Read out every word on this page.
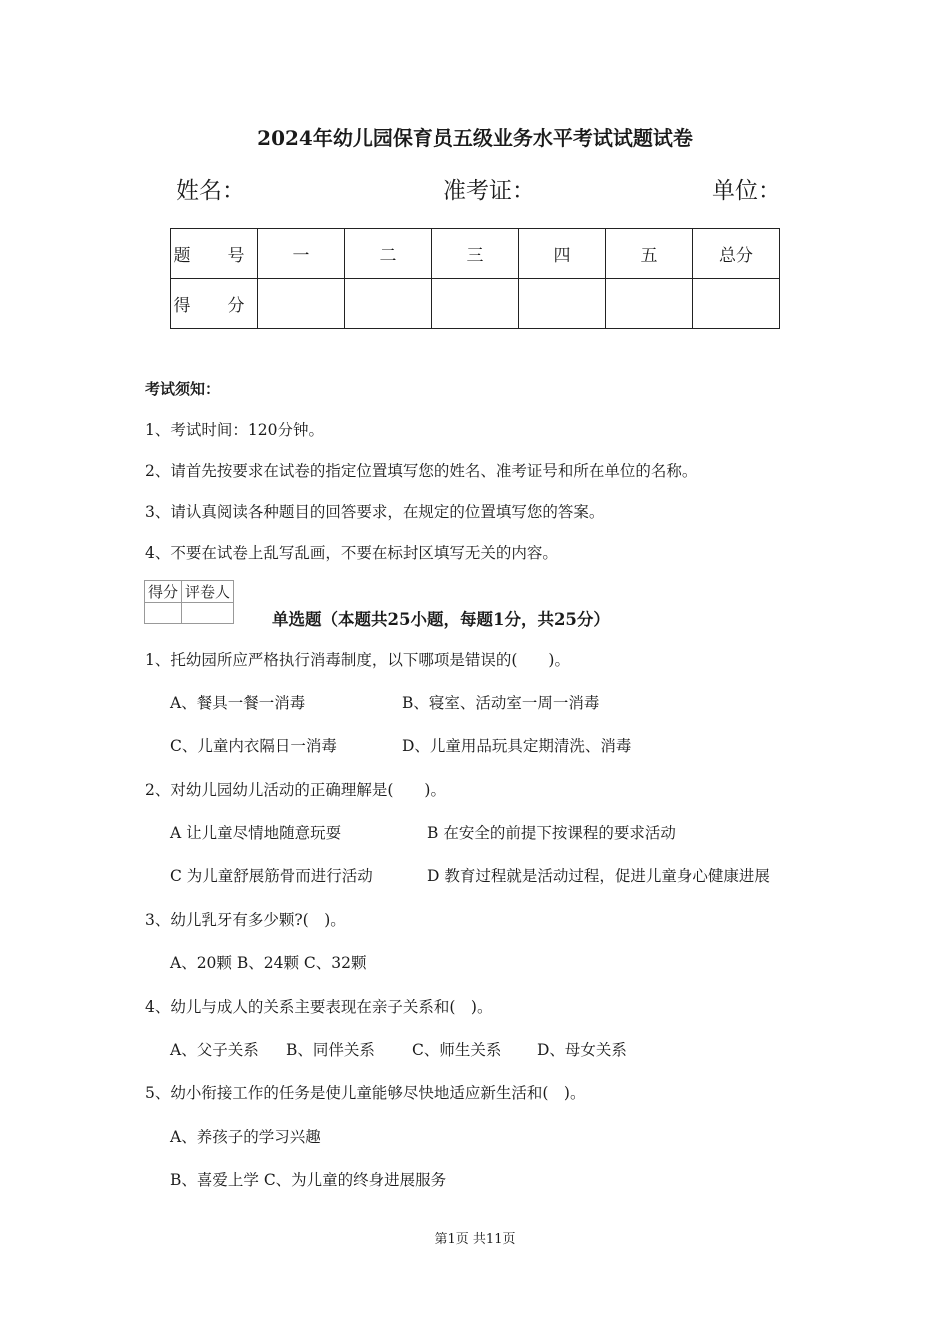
2024年幼儿园保育员五级业务水平考试试题试卷
姓名：	准考证：	单位：
题　号	一	二	三	四	五	总分
得　分						
考试须知：
1、考试时间：120分钟。
2、请首先按要求在试卷的指定位置填写您的姓名、准考证号和所在单位的名称。
3、请认真阅读各种题目的回答要求，在规定的位置填写您的答案。
4、不要在试卷上乱写乱画，不要在标封区填写无关的内容。
得分	评卷人

单选题（本题共25小题，每题1分，共25分）
1、托幼园所应严格执行消毒制度，以下哪项是错误的(　　)。
A、餐具一餐一消毒	B、寝室、活动室一周一消毒
C、儿童内衣隔日一消毒	D、儿童用品玩具定期清洗、消毒
2、对幼儿园幼儿活动的正确理解是(　　)。
A 让儿童尽情地随意玩耍	B 在安全的前提下按课程的要求活动
C 为儿童舒展筋骨而进行活动	D 教育过程就是活动过程，促进儿童身心健康进展
3、幼儿乳牙有多少颗?(　)。
A、20颗 B、24颗 C、32颗
4、幼儿与成人的关系主要表现在亲子关系和(　)。
A、父子关系 B、同伴关系 C、师生关系 D、母女关系
5、幼小衔接工作的任务是使儿童能够尽快地适应新生活和(　)。
A、养孩子的学习兴趣
B、喜爱上学 C、为儿童的终身进展服务
第1页 共11页
